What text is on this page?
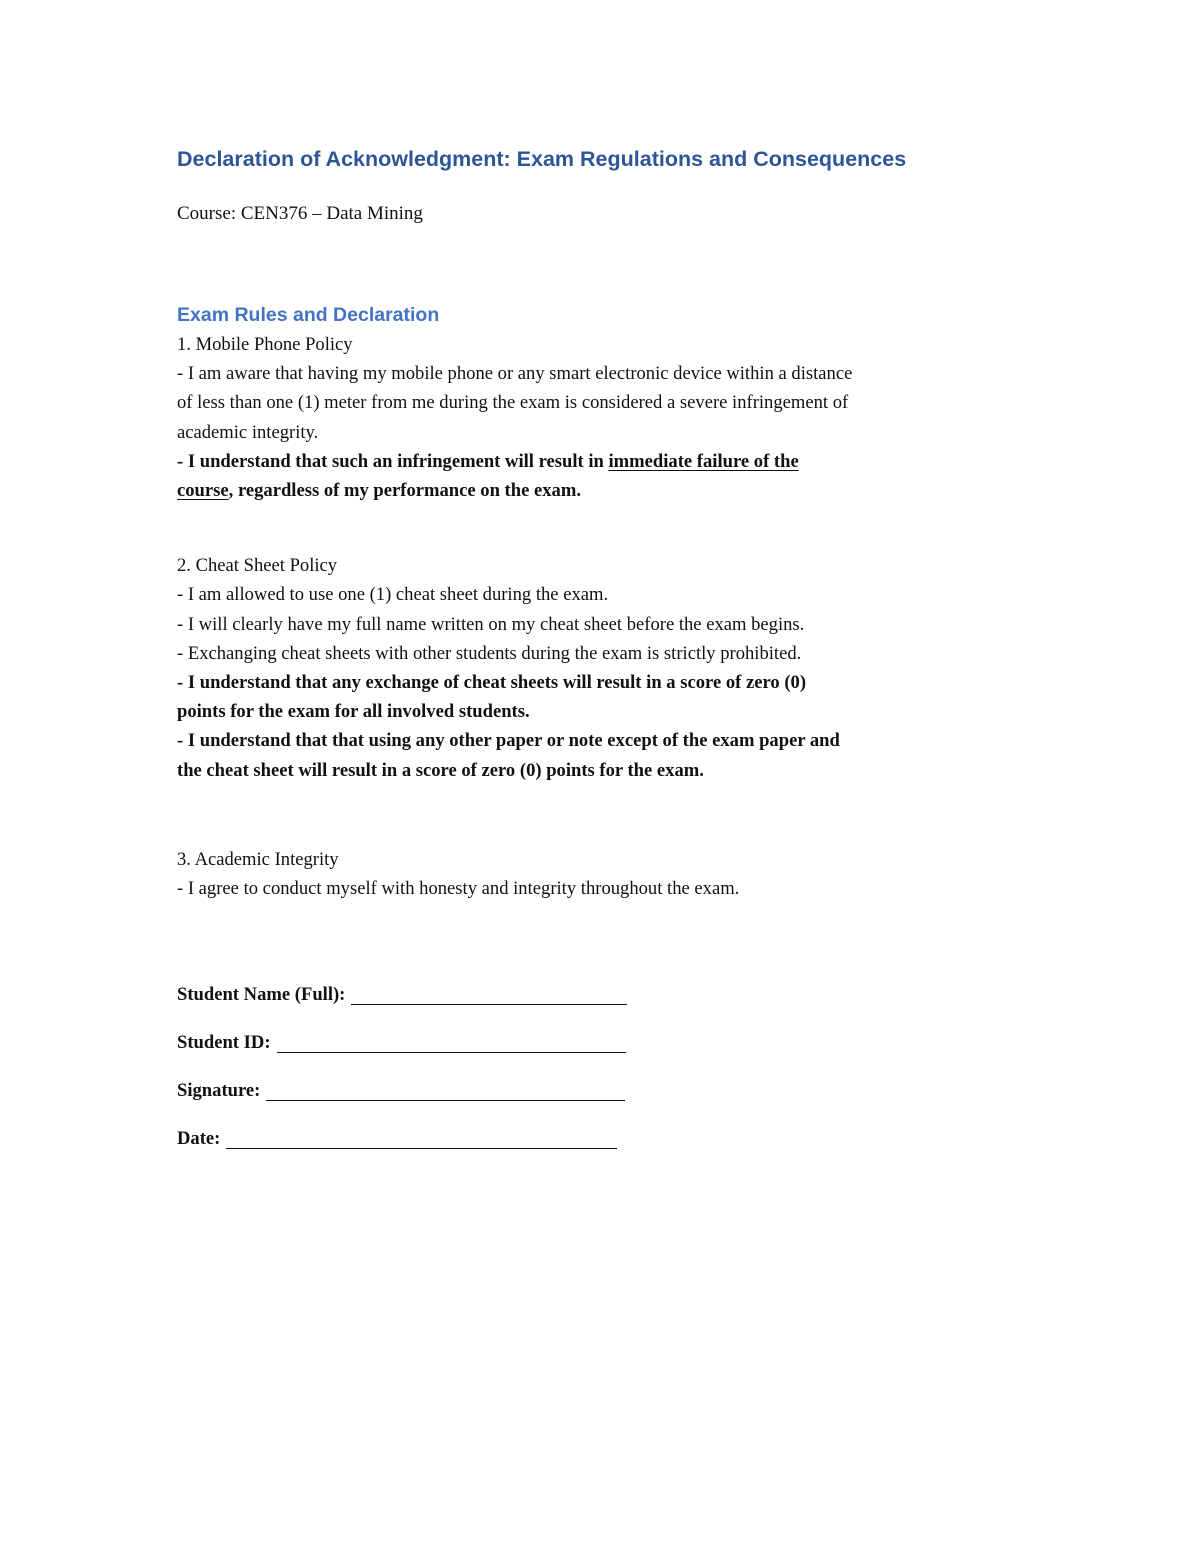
Declaration of Acknowledgment: Exam Regulations and Consequences
Course: CEN376 – Data Mining
Exam Rules and Declaration
1. Mobile Phone Policy
- I am aware that having my mobile phone or any smart electronic device within a distance
of less than one (1) meter from me during the exam is considered a severe infringement of
academic integrity.
- I understand that such an infringement will result in immediate failure of the
course, regardless of my performance on the exam.
2. Cheat Sheet Policy
- I am allowed to use one (1) cheat sheet during the exam.
- I will clearly have my full name written on my cheat sheet before the exam begins.
- Exchanging cheat sheets with other students during the exam is strictly prohibited.
- I understand that any exchange of cheat sheets will result in a score of zero (0)
points for the exam for all involved students.
- I understand that that using any other paper or note except of the exam paper and
the cheat sheet will result in a score of zero (0) points for the exam.
3. Academic Integrity
- I agree to conduct myself with honesty and integrity throughout the exam.
Student Name (Full):
Student ID:
Signature:
Date:
